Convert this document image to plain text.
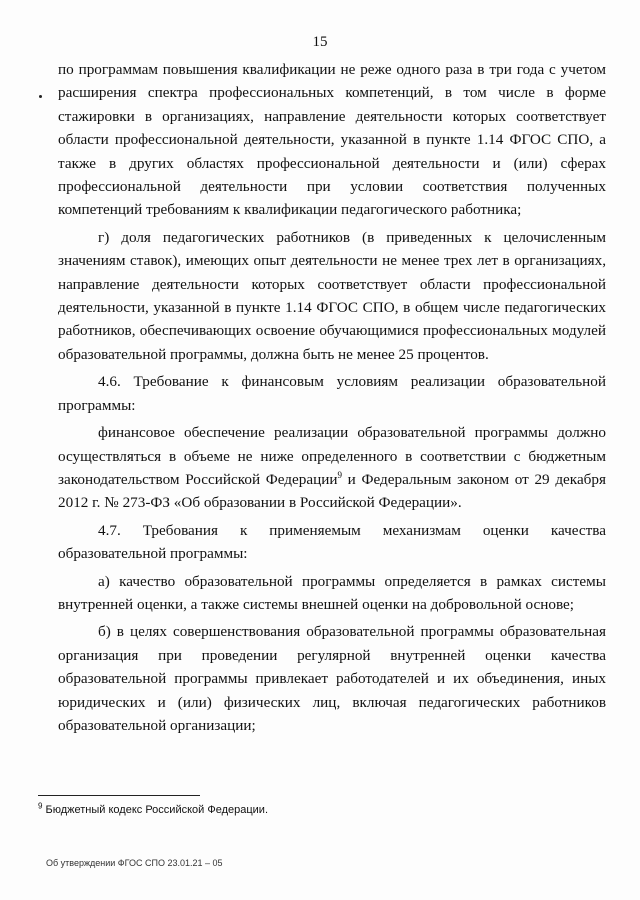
15

по программам повышения квалификации не реже одного раза в три года с учетом расширения спектра профессиональных компетенций, в том числе в форме стажировки в организациях, направление деятельности которых соответствует области профессиональной деятельности, указанной в пункте 1.14 ФГОС СПО, а также в других областях профессиональной деятельности и (или) сферах профессиональной деятельности при условии соответствия полученных компетенций требованиям к квалификации педагогического работника;

г) доля педагогических работников (в приведенных к целочисленным значениям ставок), имеющих опыт деятельности не менее трех лет в организациях, направление деятельности которых соответствует области профессиональной деятельности, указанной в пункте 1.14 ФГОС СПО, в общем числе педагогических работников, обеспечивающих освоение обучающимися профессиональных модулей образовательной программы, должна быть не менее 25 процентов.

4.6. Требование к финансовым условиям реализации образовательной программы:

финансовое обеспечение реализации образовательной программы должно осуществляться в объеме не ниже определенного в соответствии с бюджетным законодательством Российской Федерации$^9$ и Федеральным законом от 29 декабря 2012 г. № 273-ФЗ «Об образовании в Российской Федерации».

4.7. Требования к применяемым механизмам оценки качества образовательной программы:

а) качество образовательной программы определяется в рамках системы внутренней оценки, а также системы внешней оценки на добровольной основе;

б) в целях совершенствования образовательной программы образовательная организация при проведении регулярной внутренней оценки качества образовательной программы привлекает работодателей и их объединения, иных юридических и (или) физических лиц, включая педагогических работников образовательной организации;

$^9$ Бюджетный кодекс Российской Федерации.
Об утверждении ФГОС СПО 23.01.21 – 05
